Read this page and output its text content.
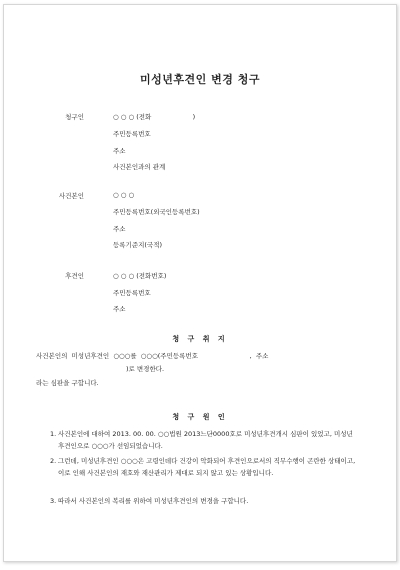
미성년후견인 변경 청구
청구인	○ ○ ○ (전화                    )
주민등록번호
주소
사건본인과의 관계
사건본인	○ ○ ○
주민등록번호(외국인등록번호)
주소
등록기준지(국적)
후견인	○ ○ ○ (전화번호)
주민등록번호
주소
청 구 취 지
사건본인의  미성년후견인  ○○○를  ○○○(주민등록번호                         ,  주소
)로 변경한다.
라는 심판을 구합니다.
청 구 원 인
1. 사건본인에 대하여 2013. 00. 00. ○○법원 2013느단0000호로 미성년후견개시 심판이 있었고, 미성년후견인으로 ○○○가 선임되었습니다.
2. 그런데, 미성년후견인 ○○○은 고령인데다 건강이 악화되어 후견인으로서의 직무수행이 곤란한 상태이고, 이로 인해 사건본인의 재호와 재산관리가 제대로 되지 않고 있는 상황입니다.
3. 따라서 사건본인의 복리를 위하여 미성년후견인의 변경을 구합니다.
